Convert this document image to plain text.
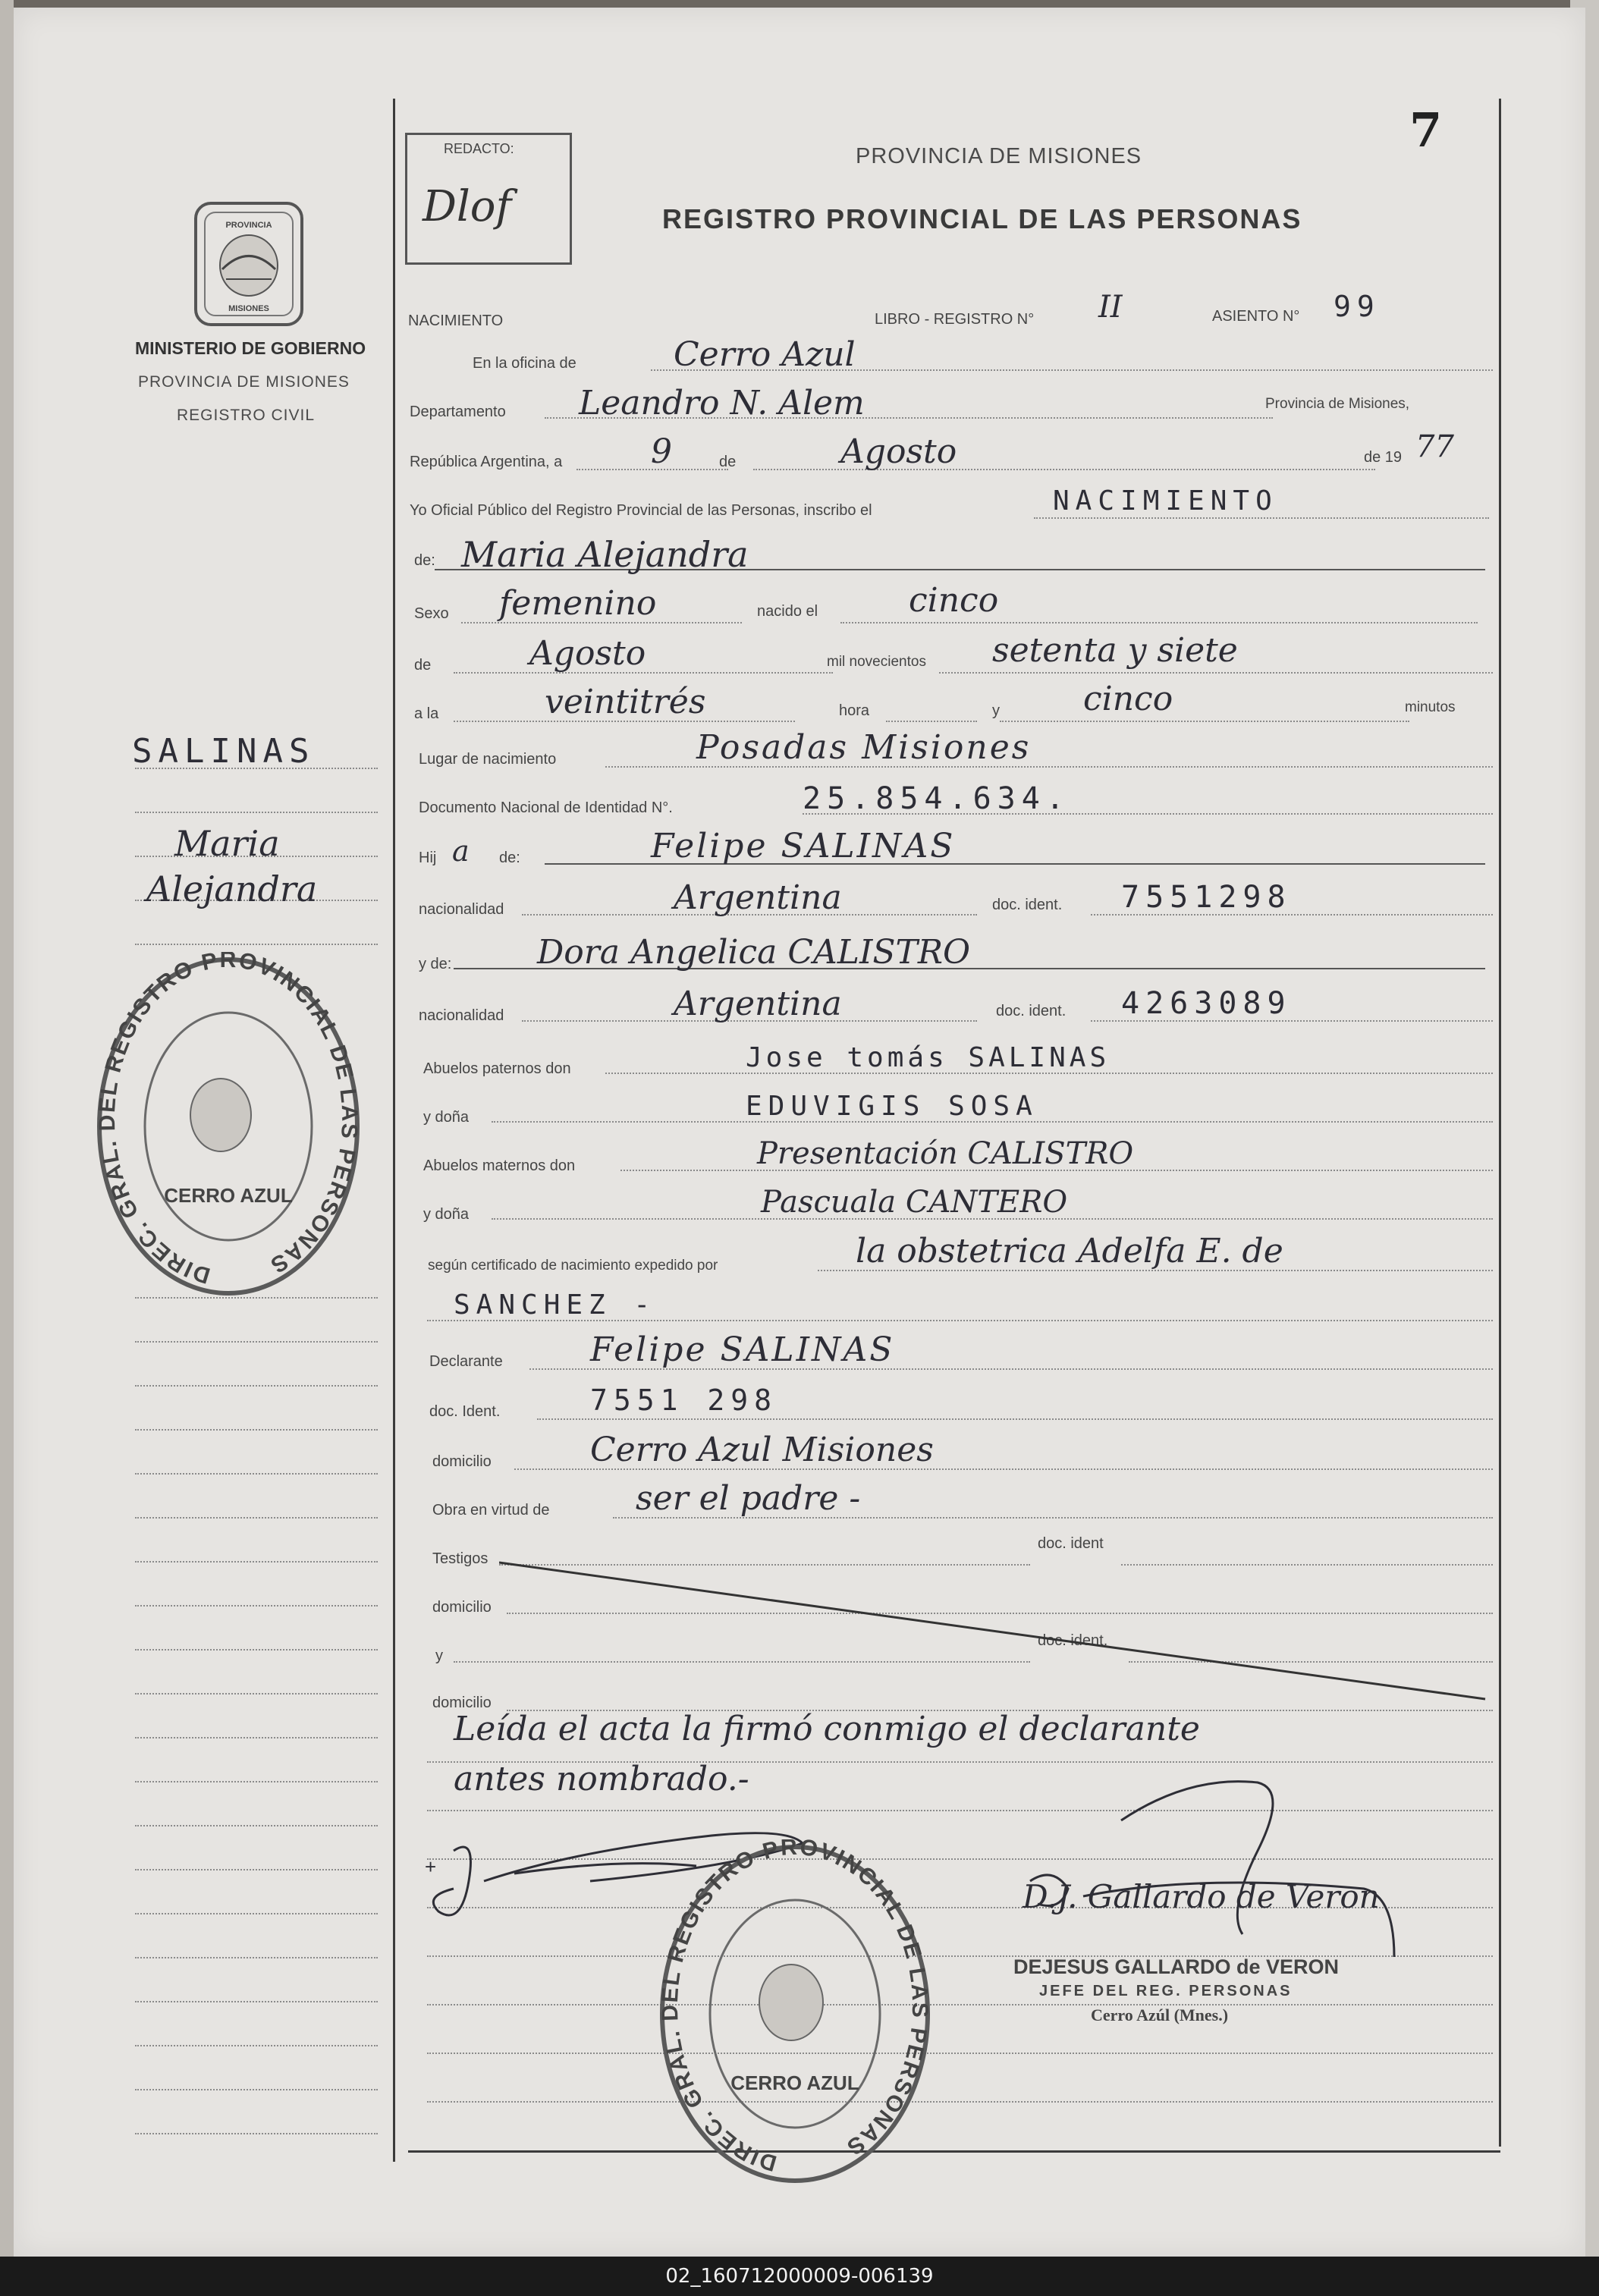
7
REDACTO:
Dlof
PROVINCIA DE MISIONES
REGISTRO PROVINCIAL DE LAS PERSONAS
PROVINCIA
MISIONES
MINISTERIO DE GOBIERNO
PROVINCIA DE MISIONES
REGISTRO CIVIL
SALINAS
Maria
Alejandra
DIREC. GRAL. DEL REGISTRO PROVINCIAL DE LAS PERSONAS
CERRO AZUL
NACIMIENTO	LIBRO - REGISTRO N° II	ASIENTO N° 99
En la oficina de	Cerro Azul
Departamento Leandro N. Alem	Provincia de Misiones,
República Argentina, a	9	de	Agosto	de 19 77
Yo Oficial Público del Registro Provincial de las Personas, inscribo el	NACIMIENTO
de: Maria Alejandra
Sexo femenino	nacido el	cinco
de	Agosto	mil novecientos setenta y siete
a la	veintitrés	hora	y	cinco	minutos
Lugar de nacimiento	Posadas Misiones
Documento Nacional de Identidad N°.	25.854.634.
Hij a de:	Felipe SALINAS
nacionalidad	Argentina	doc. ident. 7551298
y de:	Dora Angelica CALISTRO
nacionalidad	Argentina	doc. ident. 4263089
Abuelos paternos don	Jose tomás SALINAS
y doña	EDUVIGIS SOSA
Abuelos maternos don	Presentación CALISTRO
y doña	Pascuala CANTERO
según certificado de nacimiento expedido por	la obstetrica Adelfa E. de
SANCHEZ -
Declarante	Felipe SALINAS
doc. Ident.	7551 298
domicilio	Cerro Azul Misiones
Obra en virtud de	ser el padre -
Testigos
doc. ident
domicilio
y
doc. ident.
domicilio
Leída el acta la firmó conmigo el declarante
antes nombrado.-
+
D.J. Gallardo de Veron
DEJESUS GALLARDO de VERON
JEFE DEL REG. PERSONAS
Cerro Azúl (Mnes.)
DIREC. GRAL. DEL REGISTRO PROVINCIAL DE LAS PERSONAS
CERRO AZUL
02_160712000009-006139
